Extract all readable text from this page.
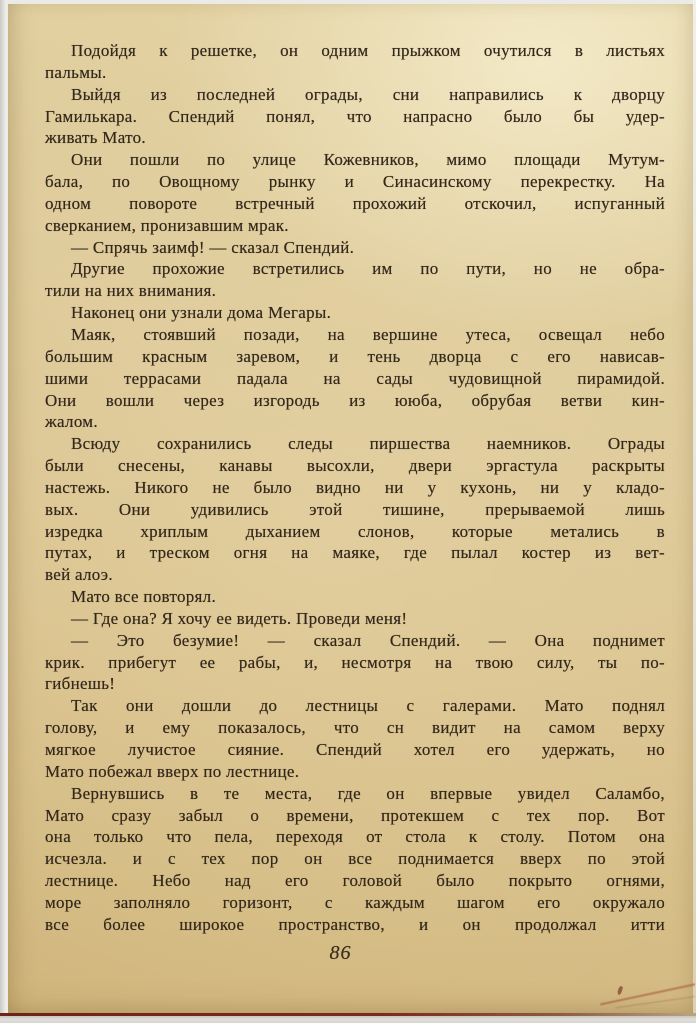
Подойдя к решетке, он одним прыжком очутился в листьях
пальмы.
Выйдя из последней ограды, сни направились к дворцу
Гамилькара. Спендий понял, что напрасно было бы удер-
живать Мато.
Они пошли по улице Кожевников, мимо площади Мутум-
бала, по Овощному рынку и Синасинскому перекрестку. На
одном повороте встречный прохожий отскочил, испуганный
сверканием, пронизавшим мрак.
— Спрячь заимф! — сказал Спендий.
Другие прохожие встретились им по пути, но не обра-
тили на них внимания.
Наконец они узнали дома Мегары.
Маяк, стоявший позади, на вершине утеса, освещал небо
большим красным заревом, и тень дворца с его нависав-
шими террасами падала на сады чудовищной пирамидой.
Они вошли через изгородь из ююба, обрубая ветви кин-
жалом.
Всюду сохранились следы пиршества наемников. Ограды
были снесены, канавы высохли, двери эргастула раскрыты
настежь. Никого не было видно ни у кухонь, ни у кладо-
вых. Они удивились этой тишине, прерываемой лишь
изредка хриплым дыханием слонов, которые метались в
путах, и треском огня на маяке, где пылал костер из вет-
вей алоэ.
Мато все повторял.
— Где она? Я хочу ее видеть. Проведи меня!
— Это безумие! — сказал Спендий. — Она поднимет
крик. прибегут ее рабы, и, несмотря на твою силу, ты по-
гибнешь!
Так они дошли до лестницы с галерами. Мато поднял
голову, и ему показалось, что сн видит на самом верху
мягкое лучистое сияние. Спендий хотел его удержать, но
Мато побежал вверх по лестнице.
Вернувшись в те места, где он впервые увидел Саламбо,
Мато сразу забыл о времени, протекшем с тех пор. Вот
она только что пела, переходя от стола к столу. Потом она
исчезла. и с тех пор он все поднимается вверх по этой
лестнице. Небо над его головой было покрыто огнями,
море заполняло горизонт, с каждым шагом его окружало
все более широкое пространство, и он продолжал итти
86
